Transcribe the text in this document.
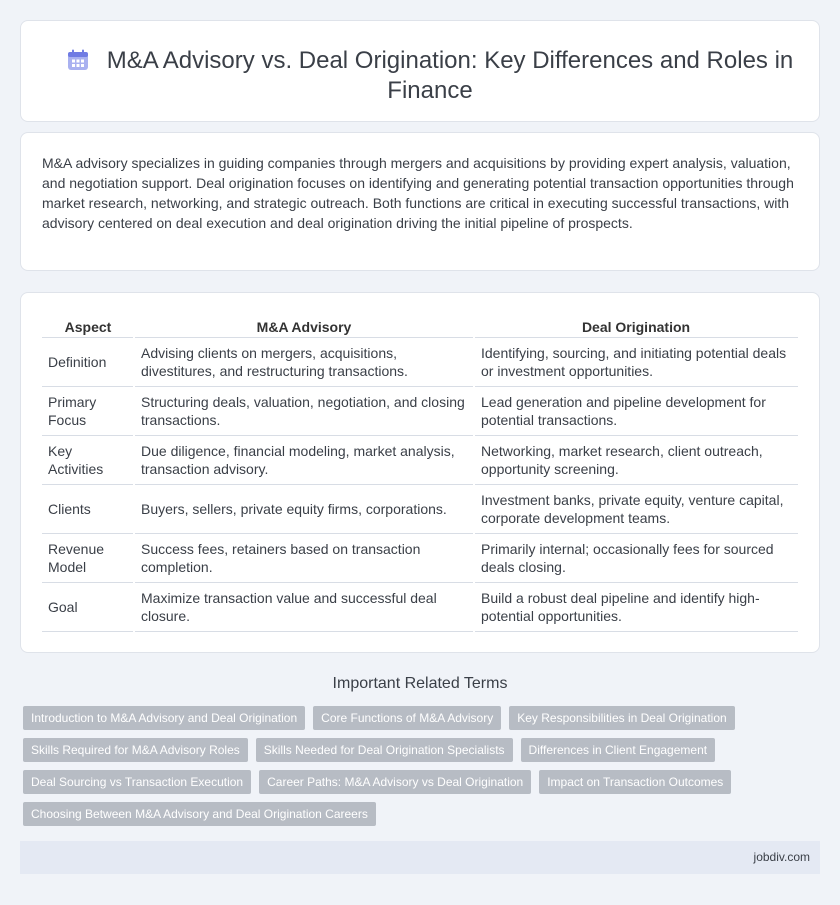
M&A Advisory vs. Deal Origination: Key Differences and Roles in Finance

M&A advisory specializes in guiding companies through mergers and acquisitions by providing expert analysis, valuation, and negotiation support. Deal origination focuses on identifying and generating potential transaction opportunities through market research, networking, and strategic outreach. Both functions are critical in executing successful transactions, with advisory centered on deal execution and deal origination driving the initial pipeline of prospects.

Aspect	M&A Advisory	Deal Origination
Definition	Advising clients on mergers, acquisitions, divestitures, and restructuring transactions.	Identifying, sourcing, and initiating potential deals or investment opportunities.
Primary Focus	Structuring deals, valuation, negotiation, and closing transactions.	Lead generation and pipeline development for potential transactions.
Key Activities	Due diligence, financial modeling, market analysis, transaction advisory.	Networking, market research, client outreach, opportunity screening.
Clients	Buyers, sellers, private equity firms, corporations.	Investment banks, private equity, venture capital, corporate development teams.
Revenue Model	Success fees, retainers based on transaction completion.	Primarily internal; occasionally fees for sourced deals closing.
Goal	Maximize transaction value and successful deal closure.	Build a robust deal pipeline and identify high-potential opportunities.
Important Related Terms
Introduction to M&A Advisory and Deal Origination	Core Functions of M&A Advisory	Key Responsibilities in Deal Origination
Skills Required for M&A Advisory Roles	Skills Needed for Deal Origination Specialists	Differences in Client Engagement
Deal Sourcing vs Transaction Execution	Career Paths: M&A Advisory vs Deal Origination	Impact on Transaction Outcomes
Choosing Between M&A Advisory and Deal Origination Careers
jobdiv.com
